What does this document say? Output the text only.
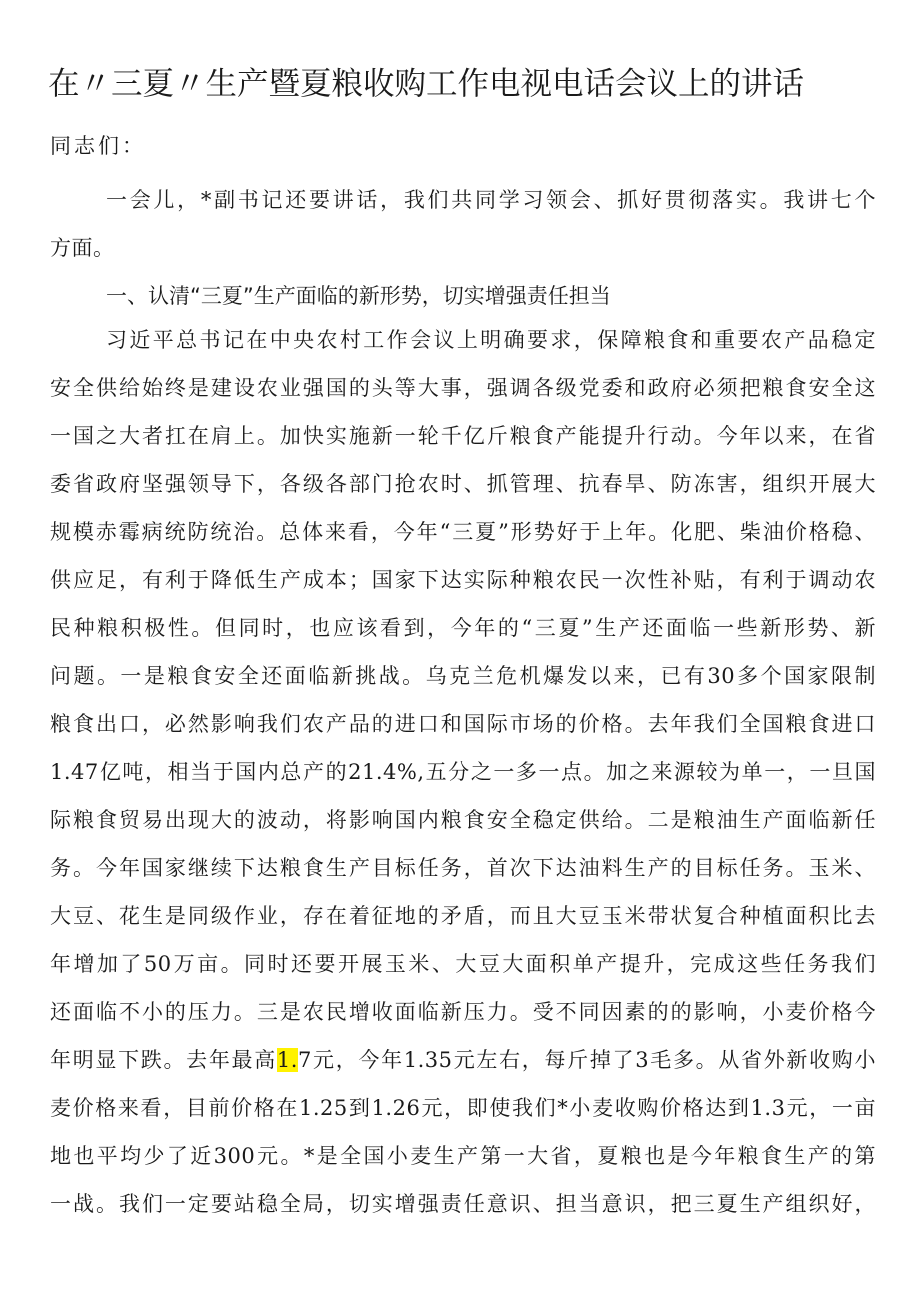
在〃三夏〃生产暨夏粮收购工作电视电话会议上的讲话

同志们：

一会儿，*副书记还要讲话，我们共同学习领会、抓好贯彻落实。我讲七个

方面。

一、认清“三夏”生产面临的新形势，切实增强责任担当

习近平总书记在中央农村工作会议上明确要求，保障粮食和重要农产品稳定

安全供给始终是建设农业强国的头等大事，强调各级党委和政府必须把粮食安全这

一国之大者扛在肩上。加快实施新一轮千亿斤粮食产能提升行动。今年以来，在省

委省政府坚强领导下，各级各部门抢农时、抓管理、抗春旱、防冻害，组织开展大

规模赤霉病统防统治。总体来看，今年“三夏”形势好于上年。化肥、柴油价格稳、

供应足，有利于降低生产成本；国家下达实际种粮农民一次性补贴，有利于调动农

民种粮积极性。但同时，也应该看到，今年的“三夏”生产还面临一些新形势、新

问题。一是粮食安全还面临新挑战。乌克兰危机爆发以来，已有30多个国家限制

粮食出口，必然影响我们农产品的进口和国际市场的价格。去年我们全国粮食进口

1.47亿吨，相当于国内总产的21.4%,五分之一多一点。加之来源较为单一，一旦国

际粮食贸易出现大的波动，将影响国内粮食安全稳定供给。二是粮油生产面临新任

务。今年国家继续下达粮食生产目标任务，首次下达油料生产的目标任务。玉米、

大豆、花生是同级作业，存在着征地的矛盾，而且大豆玉米带状复合种植面积比去

年增加了50万亩。同时还要开展玉米、大豆大面积单产提升，完成这些任务我们

还面临不小的压力。三是农民增收面临新压力。受不同因素的的影响，小麦价格今

年明显下跌。去年最高1.7元，今年1.35元左右，每斤掉了3毛多。从省外新收购小

麦价格来看，目前价格在1.25到1.26元，即使我们*小麦收购价格达到1.3元，一亩

地也平均少了近300元。*是全国小麦生产第一大省，夏粮也是今年粮食生产的第

一战。我们一定要站稳全局，切实增强责任意识、担当意识，把三夏生产组织好，
